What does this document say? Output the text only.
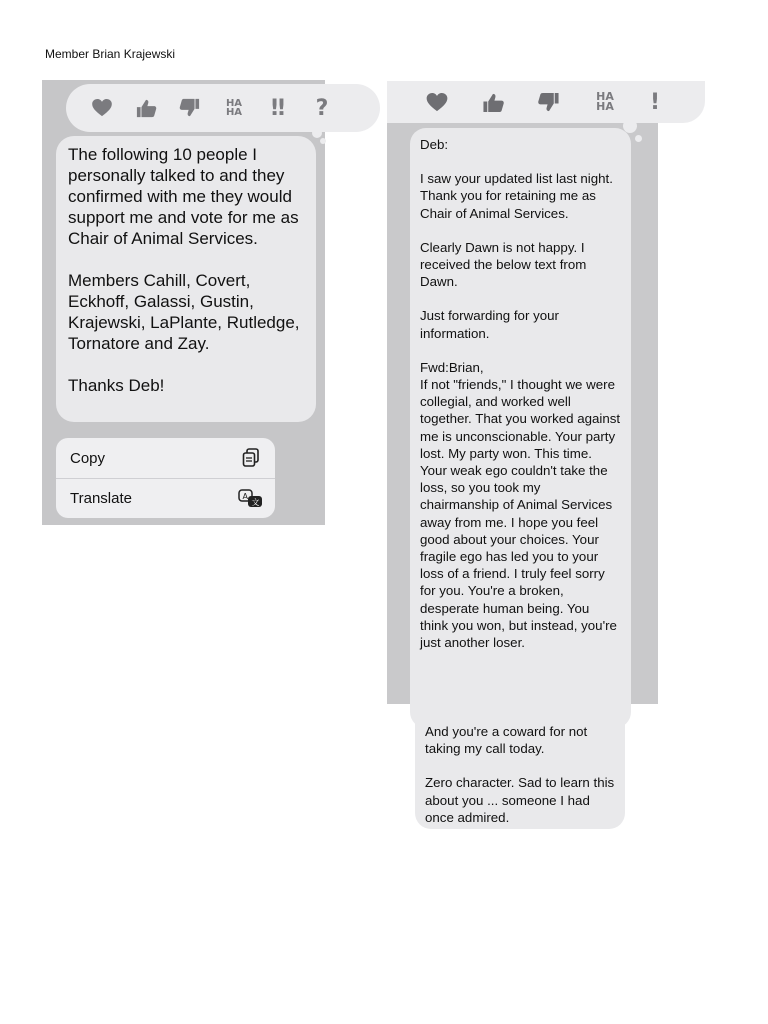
Member Brian Krajewski
HA
HA	‼	?

The following 10 people I personally talked to and they confirmed with me they would support me and vote for me as Chair of Animal Services.

Members Cahill, Covert, Eckhoff, Galassi, Gustin, Krajewski, LaPlante, Rutledge, Tornatore and Zay.

Thanks Deb!

Copy
Translate	A
文
HA
HA	!

Deb:

I saw your updated list last night. Thank you for retaining me as Chair of Animal Services.

Clearly Dawn is not happy. I received the below text from Dawn.

Just forwarding for your information.

Fwd:Brian,
If not "friends," I thought we were collegial, and worked well together. That you worked against me is unconscionable. Your party lost. My party won. This time. Your weak ego couldn't take the loss, so you took my chairmanship of Animal Services away from me. I hope you feel good about your choices. Your fragile ego has led you to your loss of a friend. I truly feel sorry for you. You're a broken, desperate human being. You think you won, but instead, you're just another loser.

And you're a coward for not taking my call today.

Zero character. Sad to learn this about you ... someone I had once admired.
